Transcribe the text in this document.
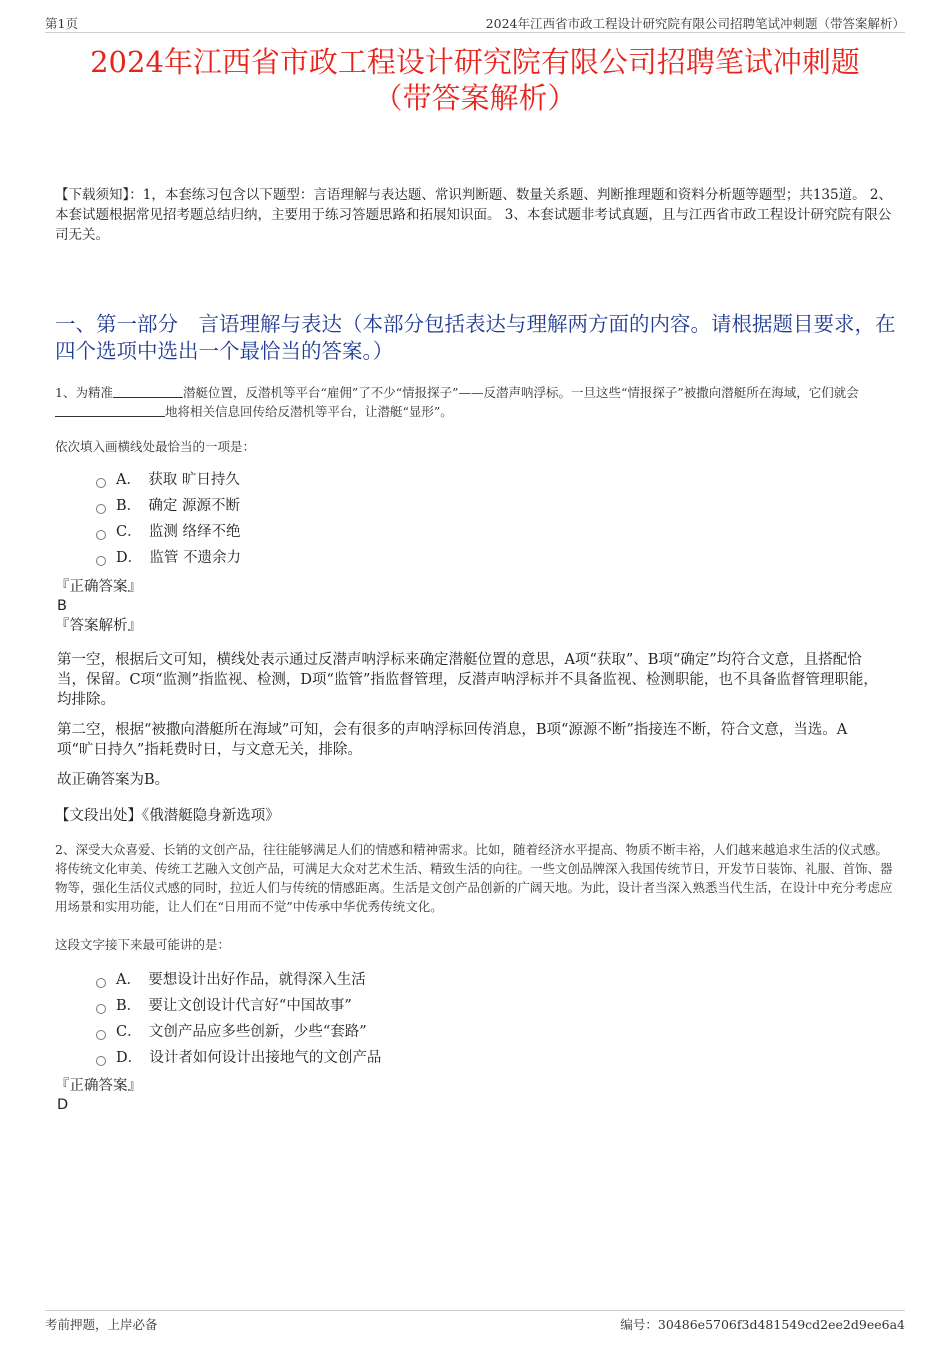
第1页	2024年江西省市政工程设计研究院有限公司招聘笔试冲刺题（带答案解析）
2024年江西省市政工程设计研究院有限公司招聘笔试冲刺题
（带答案解析）
【下载须知】：1，本套练习包含以下题型：言语理解与表达题、常识判断题、数量关系题、判断推理题和资料分析题等题型；共135道。 2、本套试题根据常见招考题总结归纳，主要用于练习答题思路和拓展知识面。 3、本套试题非考试真题，且与江西省市政工程设计研究院有限公司无关。
一、第一部分　言语理解与表达（本部分包括表达与理解两方面的内容。请根据题目要求，在四个选项中选出一个最恰当的答案。）
1、为精准	潜艇位置，反潜机等平台“雇佣”了不少“情报探子”——反潜声呐浮标。一旦这些“情报探子”被撒向潜艇所在海域，它们就会地将相关信息回传给反潜机等平台，让潜艇“显形”。
依次填入画横线处最恰当的一项是：
A．　获取 旷日持久
B．　确定 源源不断
C．　监测 络绎不绝
D．　监管 不遗余力
『正确答案』
B
『答案解析』
第一空，根据后文可知，横线处表示通过反潜声呐浮标来确定潜艇位置的意思，A项“获取”、B项“确定”均符合文意，且搭配恰当，保留。C项“监测”指监视、检测，D项“监管”指监督管理，反潜声呐浮标并不具备监视、检测职能，也不具备监督管理职能，均排除。
第二空，根据“被撒向潜艇所在海域”可知，会有很多的声呐浮标回传消息，B项“源源不断”指接连不断，符合文意，当选。A项“旷日持久”指耗费时日，与文意无关，排除。
故正确答案为B。
【文段出处】《俄潜艇隐身新选项》
2、深受大众喜爱、长销的文创产品，往往能够满足人们的情感和精神需求。比如，随着经济水平提高、物质不断丰裕，人们越来越追求生活的仪式感。将传统文化审美、传统工艺融入文创产品，可满足大众对艺术生活、精致生活的向往。一些文创品牌深入我国传统节日，开发节日装饰、礼服、首饰、器物等，强化生活仪式感的同时，拉近人们与传统的情感距离。生活是文创产品创新的广阔天地。为此，设计者当深入熟悉当代生活，在设计中充分考虑应用场景和实用功能，让人们在“日用而不觉”中传承中华优秀传统文化。
这段文字接下来最可能讲的是：
A．　要想设计出好作品，就得深入生活
B．　要让文创设计代言好“中国故事”
C．　文创产品应多些创新，少些“套路”
D．　设计者如何设计出接地气的文创产品
『正确答案』
D
考前押题，上岸必备	编号：30486e5706f3d481549cd2ee2d9ee6a4
